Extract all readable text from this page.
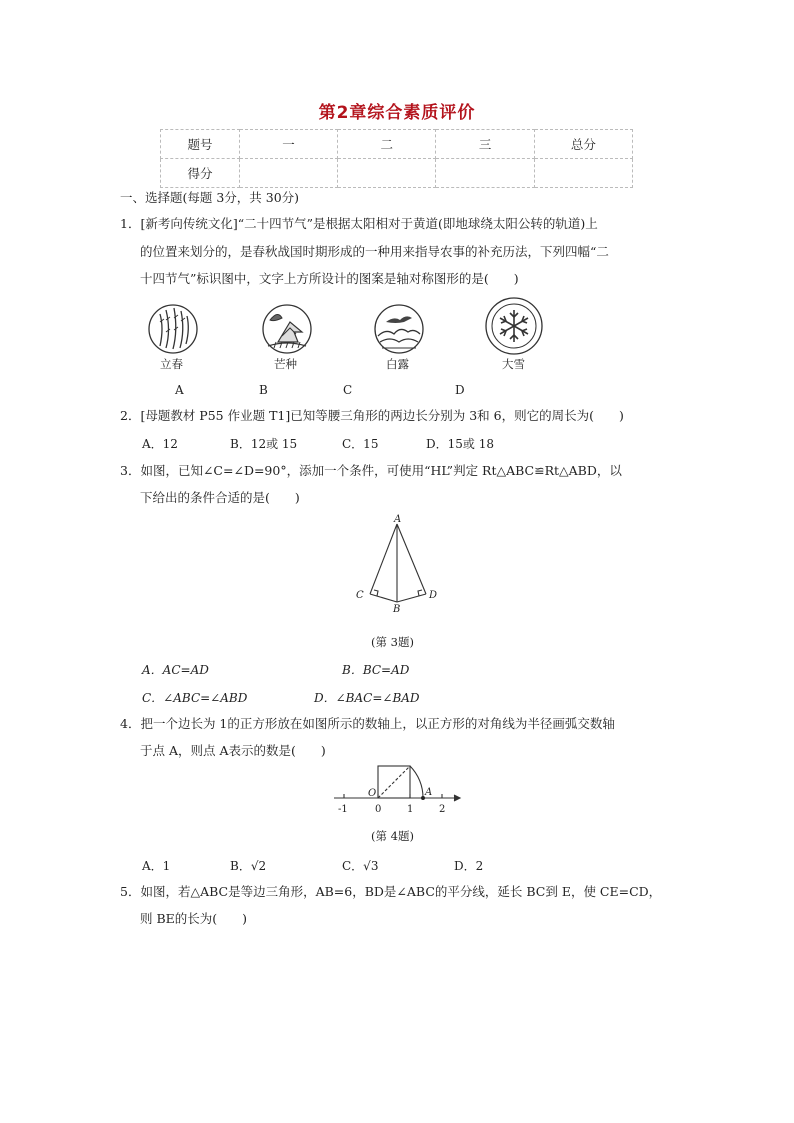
第2章综合素质评价
题号	一	二	三	总分
得分				
一、选择题(每题 3分，共 30分)
1．[新考向传统文化]“二十四节气”是根据太阳相对于黄道(即地球绕太阳公转的轨道)上
的位置来划分的，是春秋战国时期形成的一种用来指导农事的补充历法，下列四幅“二
十四节气”标识图中，文字上方所设计的图案是轴对称图形的是(　　)
立春	芒种	白露	大雪
A	B	C	D
2．[母题教材 P55 作业题 T1]已知等腰三角形的两边长分别为 3和 6，则它的周长为(　　)
A．12	B．12或 15	C．15	D．15或 18
3．如图，已知∠C=∠D=90°，添加一个条件，可使用“HL”判定 Rt△ABC≌Rt△ABD，以
下给出的条件合适的是(　　)
A
C
B
D
(第 3题)
A．AC=AD	B．BC=AD
C．∠ABC=∠ABD	D．∠BAC=∠BAD
4．把一个边长为 1的正方形放在如图所示的数轴上，以正方形的对角线为半径画弧交数轴
于点 A，则点 A表示的数是(　　)
-1	0	1	2
O	A
(第 4题)
A．1	B．√2	C．√3	D．2
5．如图，若△ABC是等边三角形，AB=6，BD是∠ABC的平分线，延长 BC到 E，使 CE=CD，
则 BE的长为(　　)
